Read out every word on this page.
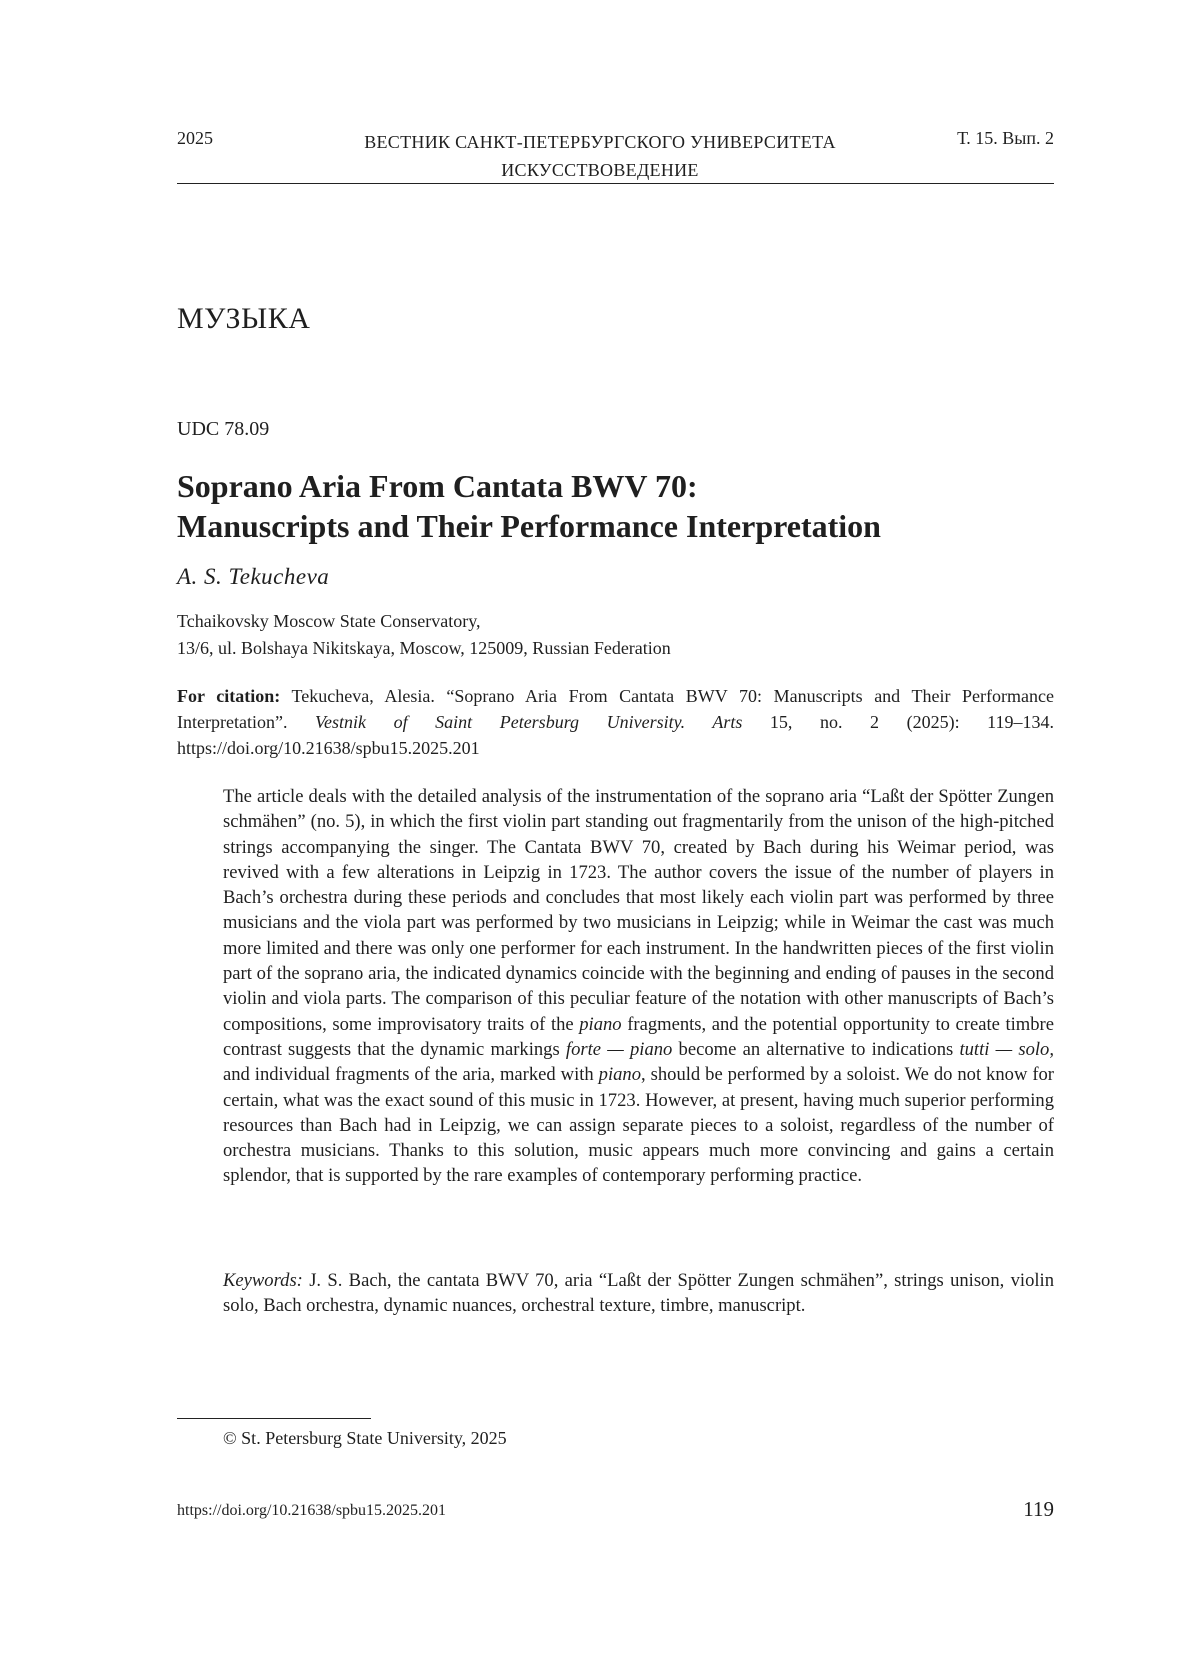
2025	ВЕСТНИК САНКТ-ПЕТЕРБУРГСКОГО УНИВЕРСИТЕТА
ИСКУССТВОВЕДЕНИЕ
Т. 15. Вып. 2
МУЗЫКА
UDC 78.09
Soprano Aria From Cantata BWV 70:
Manuscripts and Their Performance Interpretation
A. S. Tekucheva
Tchaikovsky Moscow State Conservatory,
13/6, ul. Bolshaya Nikitskaya, Moscow, 125009, Russian Federation
For citation: Tekucheva, Alesia. “Soprano Aria From Cantata BWV 70: Manuscripts and Their Performance Interpretation”. Vestnik of Saint Petersburg University. Arts 15, no. 2 (2025): 119–134. https://doi.org/10.21638/spbu15.2025.201
The article deals with the detailed analysis of the instrumentation of the soprano aria “Laßt der Spötter Zungen schmähen” (no. 5), in which the first violin part standing out fragmentarily from the unison of the high-pitched strings accompanying the singer. The Cantata BWV 70, created by Bach during his Weimar period, was revived with a few alterations in Leipzig in 1723. The author covers the issue of the number of players in Bach’s orchestra during these periods and concludes that most likely each violin part was performed by three musicians and the viola part was performed by two musicians in Leipzig; while in Weimar the cast was much more limited and there was only one performer for each instrument. In the handwritten pieces of the first violin part of the soprano aria, the indicated dynamics coincide with the beginning and ending of pauses in the second violin and viola parts. The comparison of this peculiar feature of the notation with other manuscripts of Bach’s compositions, some improvisatory traits of the piano fragments, and the potential opportunity to create timbre contrast suggests that the dynamic markings forte — piano become an alternative to indications tutti — solo, and individual fragments of the aria, marked with piano, should be performed by a soloist. We do not know for certain, what was the exact sound of this music in 1723. However, at present, having much superior performing resources than Bach had in Leipzig, we can assign separate pieces to a soloist, regardless of the number of orchestra musicians. Thanks to this solution, music appears much more convincing and gains a certain splendor, that is supported by the rare examples of contemporary performing practice.
Keywords: J. S. Bach, the cantata BWV 70, aria “Laßt der Spötter Zungen schmähen”, strings unison, violin solo, Bach orchestra, dynamic nuances, orchestral texture, timbre, manuscript.
© St. Petersburg State University, 2025
https://doi.org/10.21638/spbu15.2025.201	119
